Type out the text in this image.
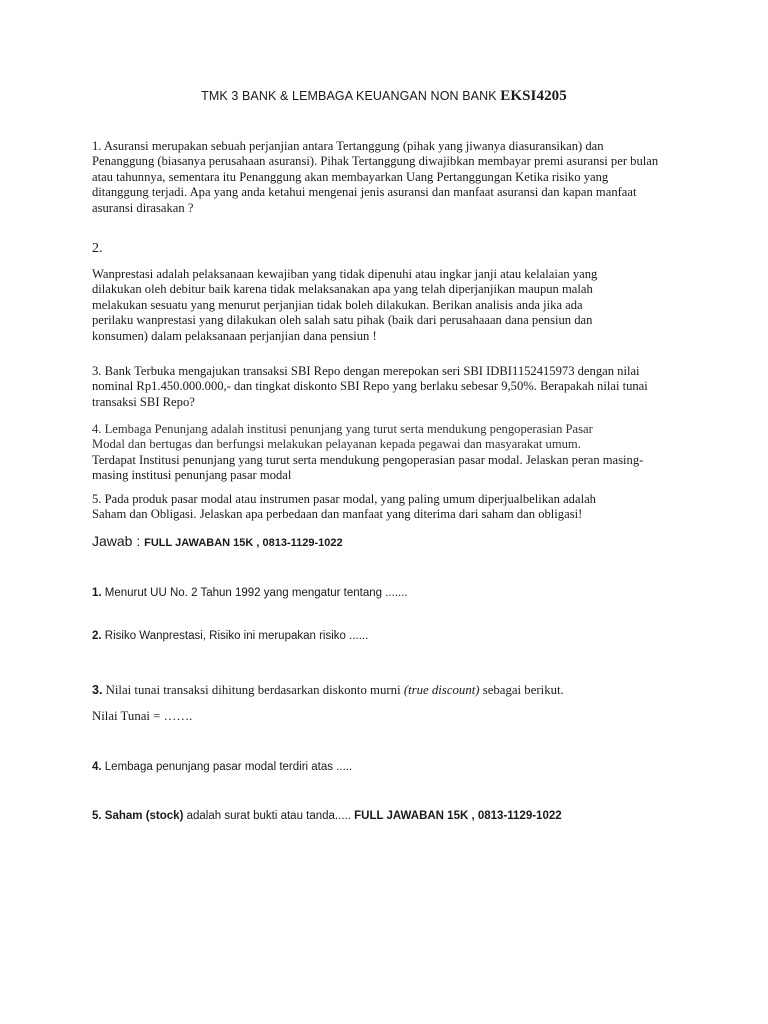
TMK 3 BANK & LEMBAGA KEUANGAN NON BANK EKSI4205

1. Asuransi merupakan sebuah perjanjian antara Tertanggung (pihak yang jiwanya diasuransikan) dan

Penanggung (biasanya perusahaan asuransi). Pihak Tertanggung diwajibkan membayar premi asuransi per bulan

atau tahunnya, sementara itu Penanggung akan membayarkan Uang Pertanggungan Ketika risiko yang

ditanggung terjadi. Apa yang anda ketahui mengenai jenis asuransi dan manfaat asuransi dan kapan manfaat

asuransi dirasakan ?

2.

Wanprestasi adalah pelaksanaan kewajiban yang tidak dipenuhi atau ingkar janji atau kelalaian yang

dilakukan oleh debitur baik karena tidak melaksanakan apa yang telah diperjanjikan maupun malah

melakukan sesuatu yang menurut perjanjian tidak boleh dilakukan. Berikan analisis anda jika ada

perilaku wanprestasi yang dilakukan oleh salah satu pihak (baik dari perusahaaan dana pensiun dan

konsumen) dalam pelaksanaan perjanjian dana pensiun !

3. Bank Terbuka mengajukan transaksi SBI Repo dengan merepokan seri SBI IDBI1152415973 dengan nilai

nominal Rp1.450.000.000,- dan tingkat diskonto SBI Repo yang berlaku sebesar 9,50%. Berapakah nilai tunai

transaksi SBI Repo?

4. Lembaga Penunjang adalah institusi penunjang yang turut serta mendukung pengoperasian Pasar

Modal dan bertugas dan berfungsi melakukan pelayanan kepada pegawai dan masyarakat umum.

Terdapat Institusi penunjang yang turut serta mendukung pengoperasian pasar modal. Jelaskan peran masing-

masing institusi penunjang pasar modal

5. Pada produk pasar modal atau instrumen pasar modal, yang paling umum diperjualbelikan adalah

Saham dan Obligasi. Jelaskan apa perbedaan dan manfaat yang diterima dari saham dan obligasi!

Jawab : FULL JAWABAN 15K , 0813-1129-1022
1. Menurut UU No. 2 Tahun 1992 yang mengatur tentang .......
2. Risiko Wanprestasi, Risiko ini merupakan risiko ......
3. Nilai tunai transaksi dihitung berdasarkan diskonto murni (true discount) sebagai berikut.
Nilai Tunai = …….
4. Lembaga penunjang pasar modal terdiri atas .....
5. Saham (stock) adalah surat bukti atau tanda..... FULL JAWABAN 15K , 0813-1129-1022
